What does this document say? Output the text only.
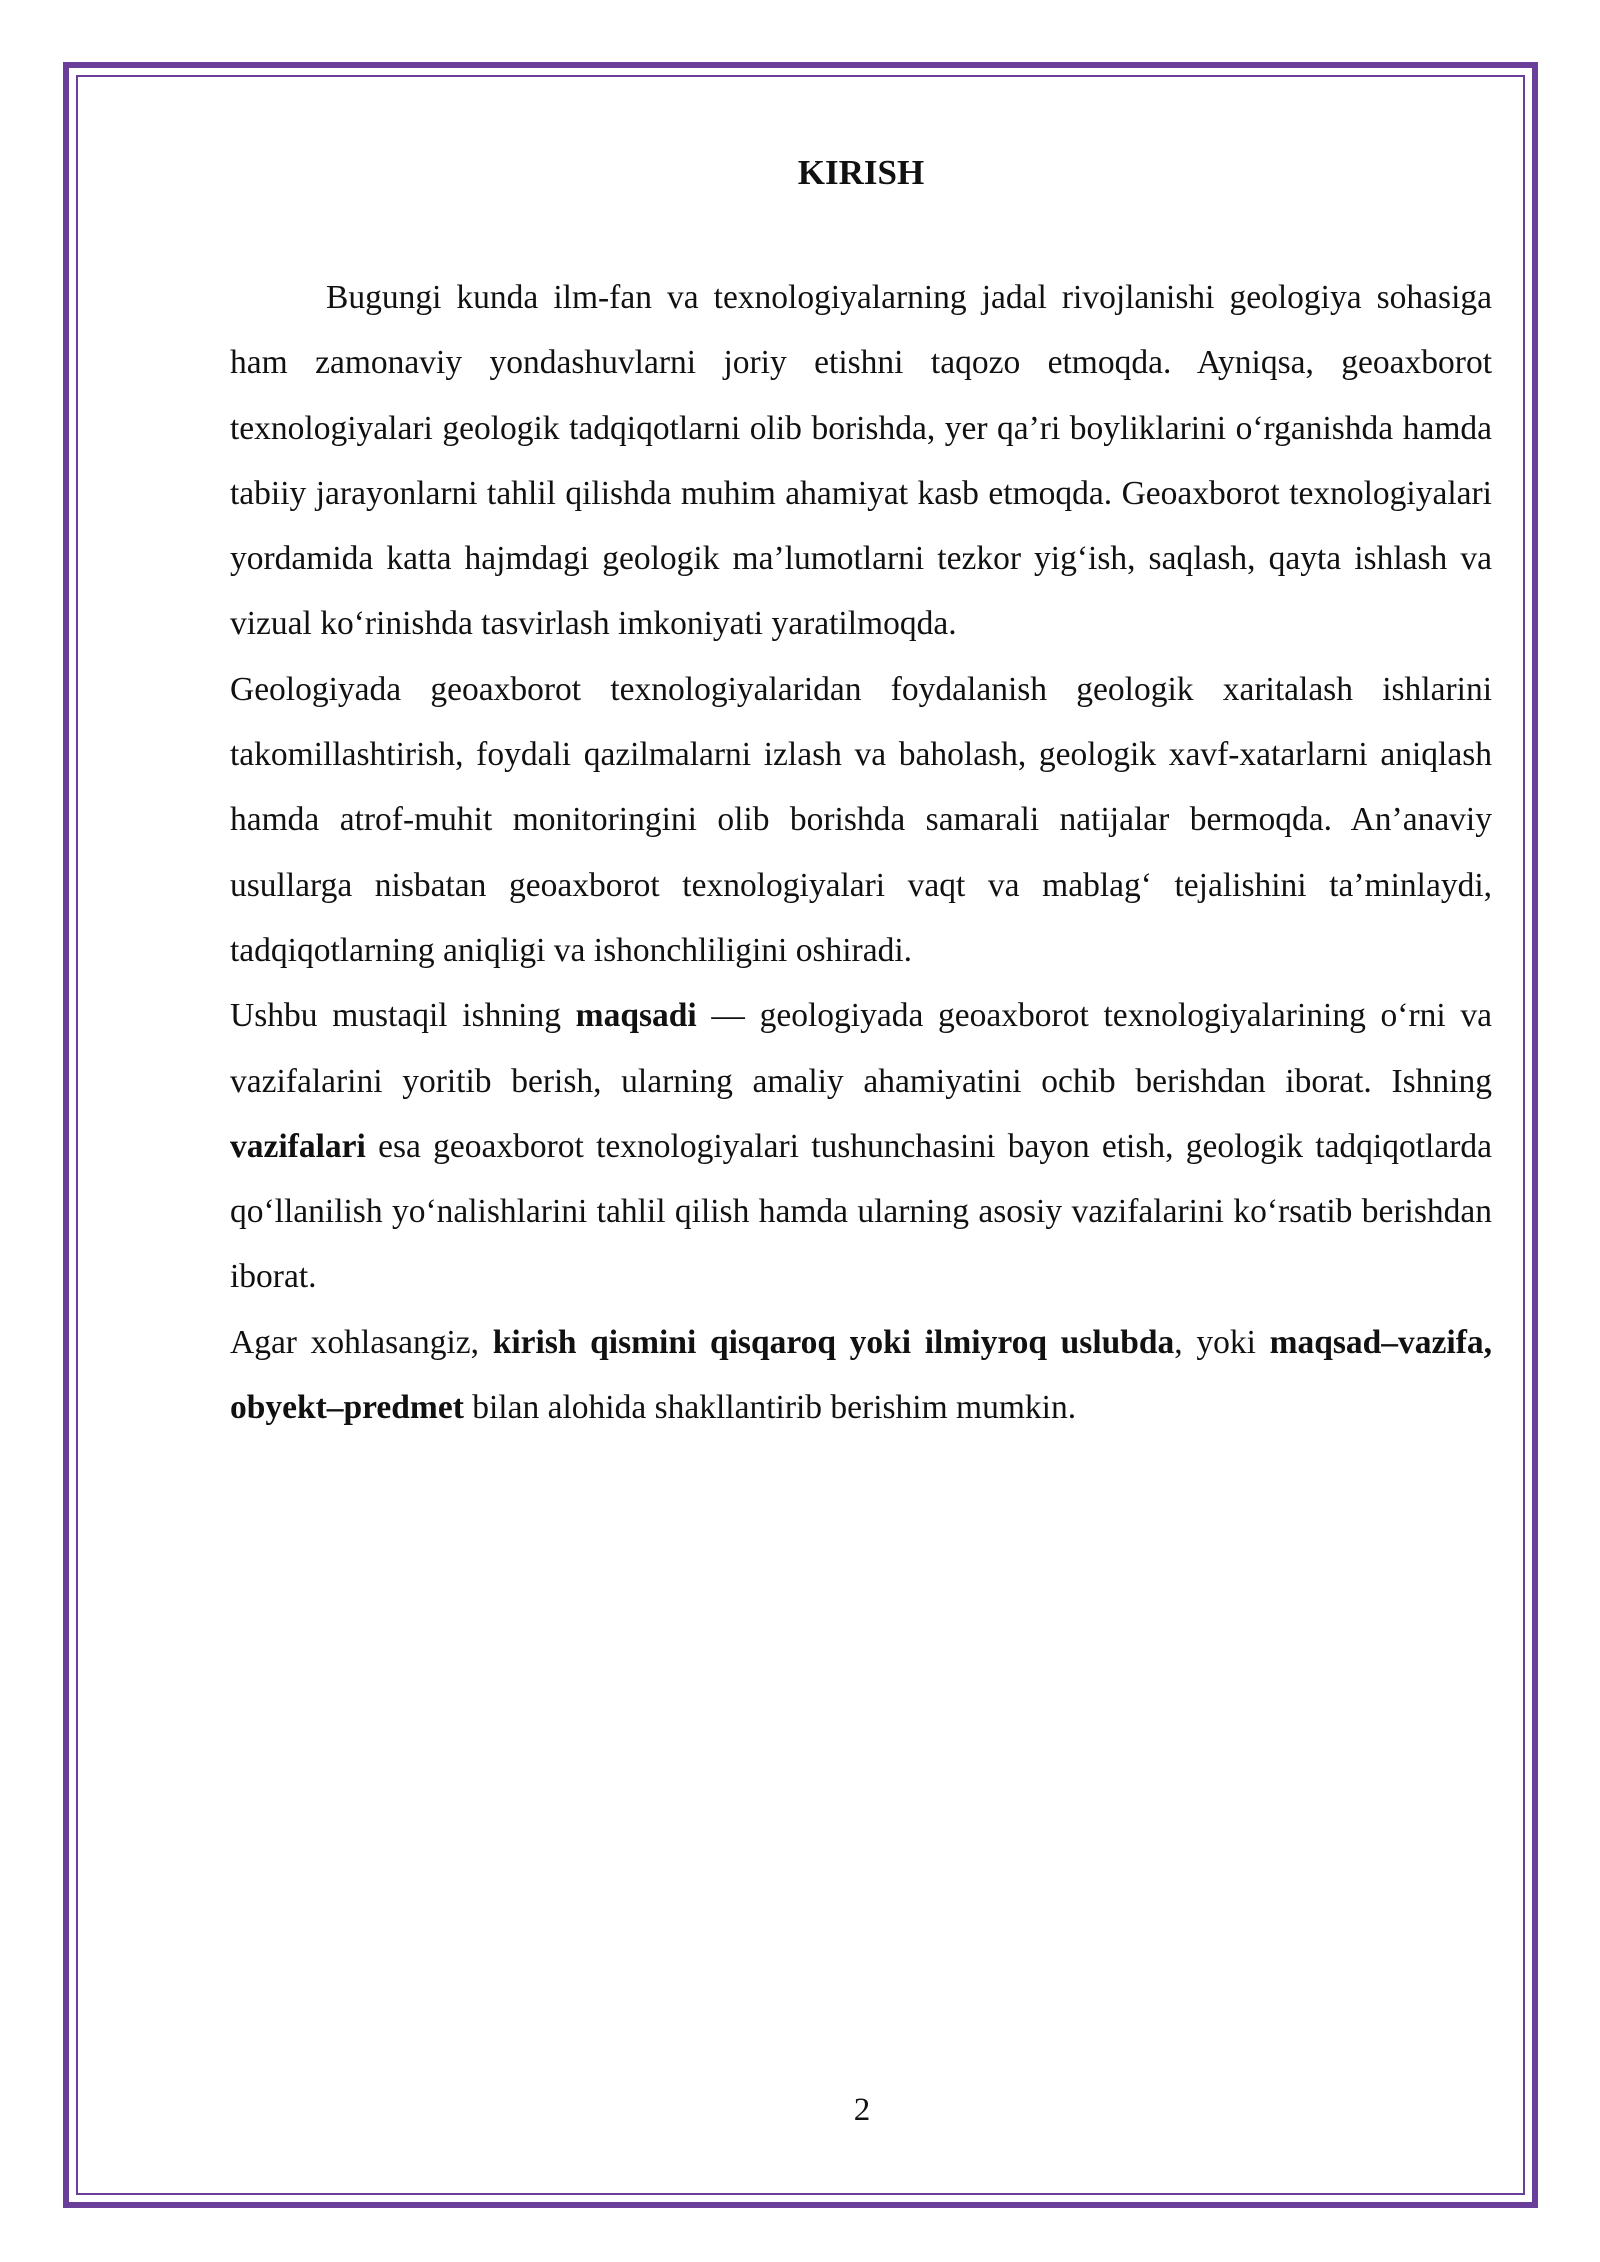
KIRISH

Bugungi kunda ilm-fan va texnologiyalarning jadal rivojlanishi geologiya sohasiga ham zamonaviy yondashuvlarni joriy etishni taqozo etmoqda. Ayniqsa, geoaxborot texnologiyalari geologik tadqiqotlarni olib borishda, yer qa’ri boyliklarini o‘rganishda hamda tabiiy jarayonlarni tahlil qilishda muhim ahamiyat kasb etmoqda. Geoaxborot texnologiyalari yordamida katta hajmdagi geologik ma’lumotlarni tezkor yig‘ish, saqlash, qayta ishlash va vizual ko‘rinishda tasvirlash imkoniyati yaratilmoqda.

Geologiyada geoaxborot texnologiyalaridan foydalanish geologik xaritalash ishlarini takomillashtirish, foydali qazilmalarni izlash va baholash, geologik xavf-xatarlarni aniqlash hamda atrof-muhit monitoringini olib borishda samarali natijalar bermoqda. An’anaviy usullarga nisbatan geoaxborot texnologiyalari vaqt va mablag‘ tejalishini ta’minlaydi, tadqiqotlarning aniqligi va ishonchliligini oshiradi.

Ushbu mustaqil ishning maqsadi — geologiyada geoaxborot texnologiyalarining o‘rni va vazifalarini yoritib berish, ularning amaliy ahamiyatini ochib berishdan iborat. Ishning vazifalari esa geoaxborot texnologiyalari tushunchasini bayon etish, geologik tadqiqotlarda qo‘llanilish yo‘nalishlarini tahlil qilish hamda ularning asosiy vazifalarini ko‘rsatib berishdan iborat.

Agar xohlasangiz, kirish qismini qisqaroq yoki ilmiyroq uslubda, yoki maqsad–vazifa, obyekt–predmet bilan alohida shakllantirib berishim mumkin.

2
